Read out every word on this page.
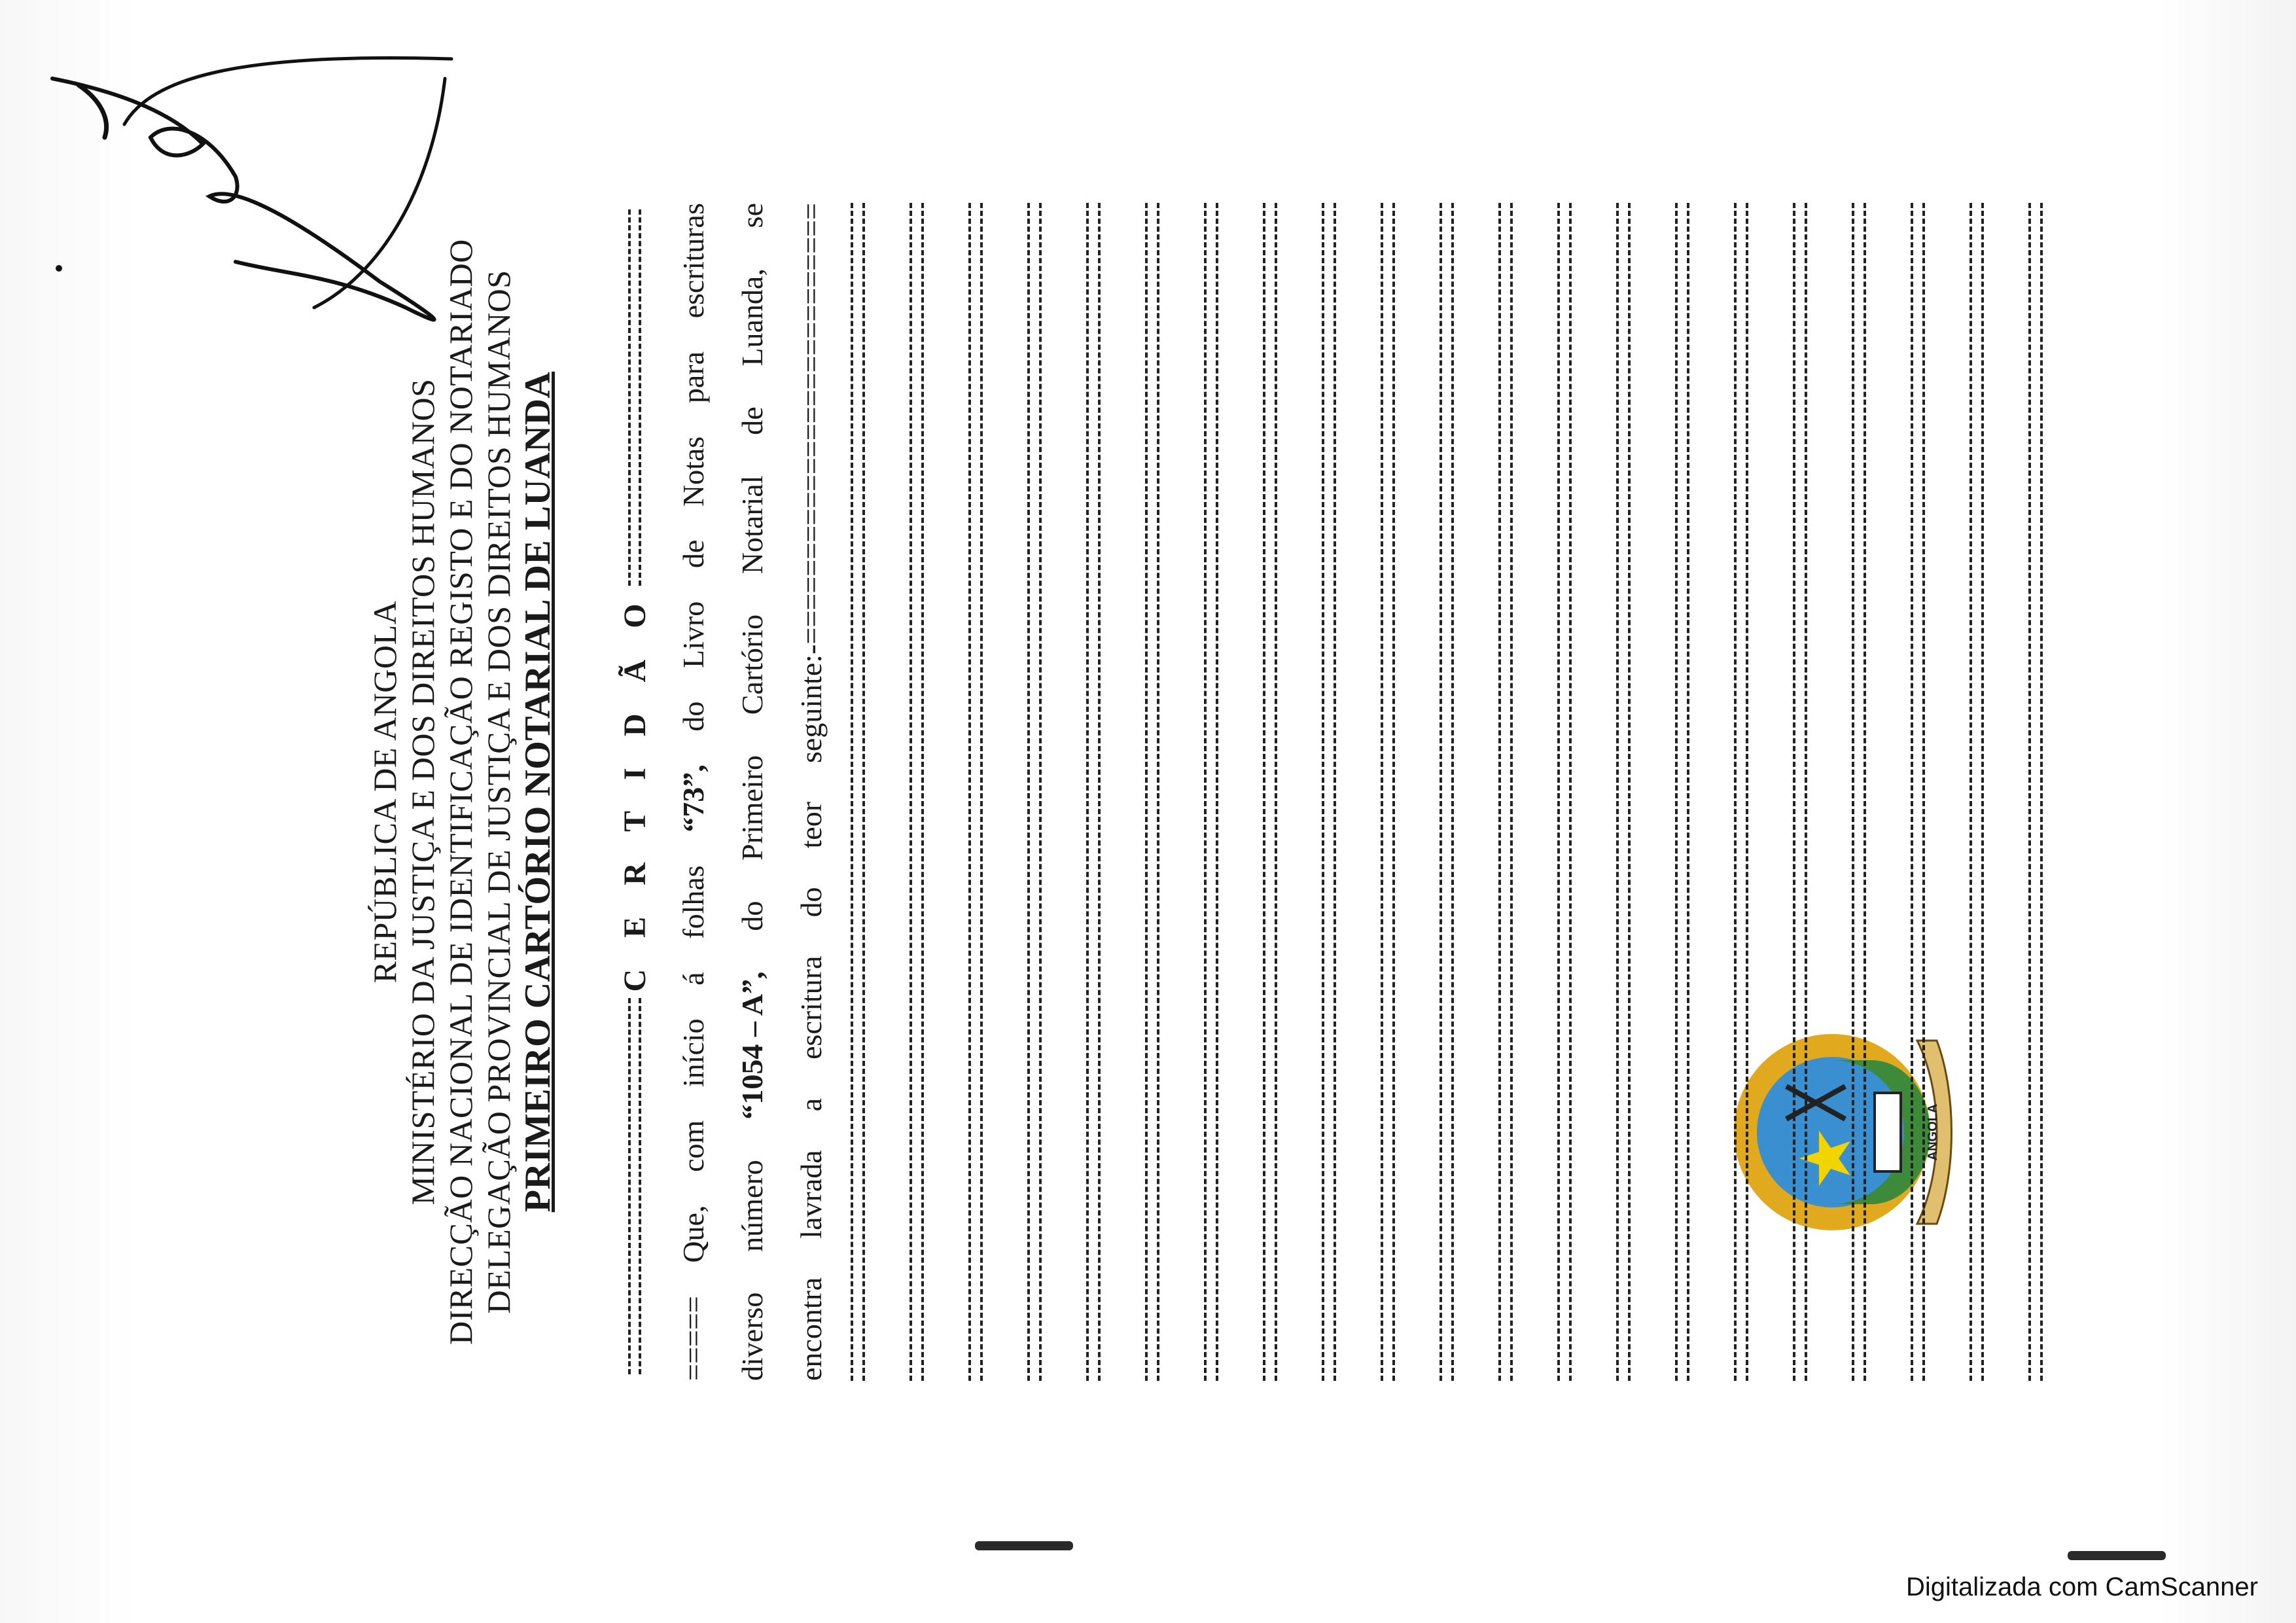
ANGOLA
REPÚBLICA DE ANGOLA MINISTÉRIO DA JUSTIÇA E DOS DIREITOS HUMANOS DIRECÇÃO NACIONAL DE IDENTIFICAÇÃO REGISTO E DO NOTARIADO DELEGAÇÃO PROVINCIAL DE JUSTIÇA E DOS DIREITOS HUMANOS PRIMEIRO CARTÓRIO NOTARIAL DE LUANDA C E R T I D Ã O
=====
Que,
com
início
á
folhas
“73”,
do
Livro
de
Notas
para
escrituras
diverso
número
“1054 – A”,
do
Primeiro
Cartório
Notarial
de
Luanda,
se
encontra
lavrada
a
escritura
do
teor
seguinte:-==========================
Digitalizada com CamScanner
